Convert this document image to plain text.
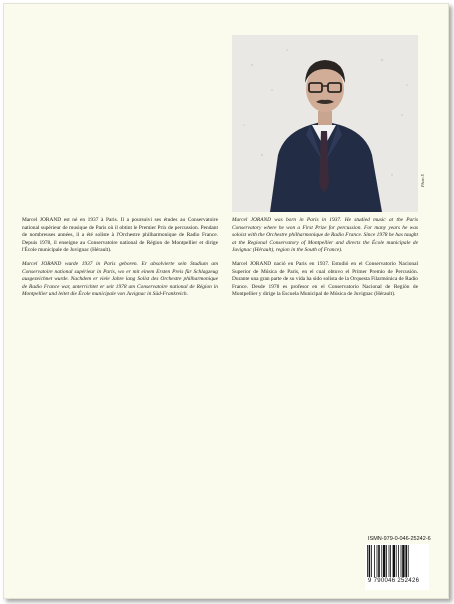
Photo X

Marcel JORAND est né en 1937 à Paris. Il a poursuivi ses études au Conservatoire national supérieur de musique de Paris où il obtint le Premier Prix de percussion. Pendant de nombreuses années, il a été soliste à l'Orchestre philharmonique de Radio France. Depuis 1978, il enseigne au Conservatoire national de Région de Montpellier et dirige l'École municipale de Juvignac (Hérault).

Marcel JORAND wurde 1937 in Paris geboren. Er absolvierte sein Studium am Conservatoire national supérieur in Paris, wo er mit einem Ersten Preis für Schlagzeug ausgezeichnet wurde. Nachdem er viele Jahre lang Solist des Orchestre philharmonique de Radio France war, unterrichtet er seit 1978 am Conservatoire national de Région in Montpellier und leitet die École municipale von Juvignac in Süd-Frankreich.

Marcel JORAND was born in Paris in 1937. He studied music at the Paris Conservatory where he won a First Prize for percussion. For many years he was soloist with the Orchestre philharmonique de Radio France. Since 1978 he has taught at the Regional Conservatory of Montpellier and directs the École municipale de Juvignac (Hérault), region in the South of France).

Marcel JORAND nació en Paris en 1937. Estudió en el Conservatorio Nacional Superior de Música de Paris, en el cual obtuvo el Primer Premio de Percusión. Durante una gran parte de su vida ha sido solista de la Orquesta Filarmónica de Radio France. Desde 1978 es profesor en el Conservatorio Nacional de Región de Montpellier y dirige la Escuela Municipal de Música de Juvignac (Hérault).

ISMN-979-0-046-25242-6
9 790046 252426
